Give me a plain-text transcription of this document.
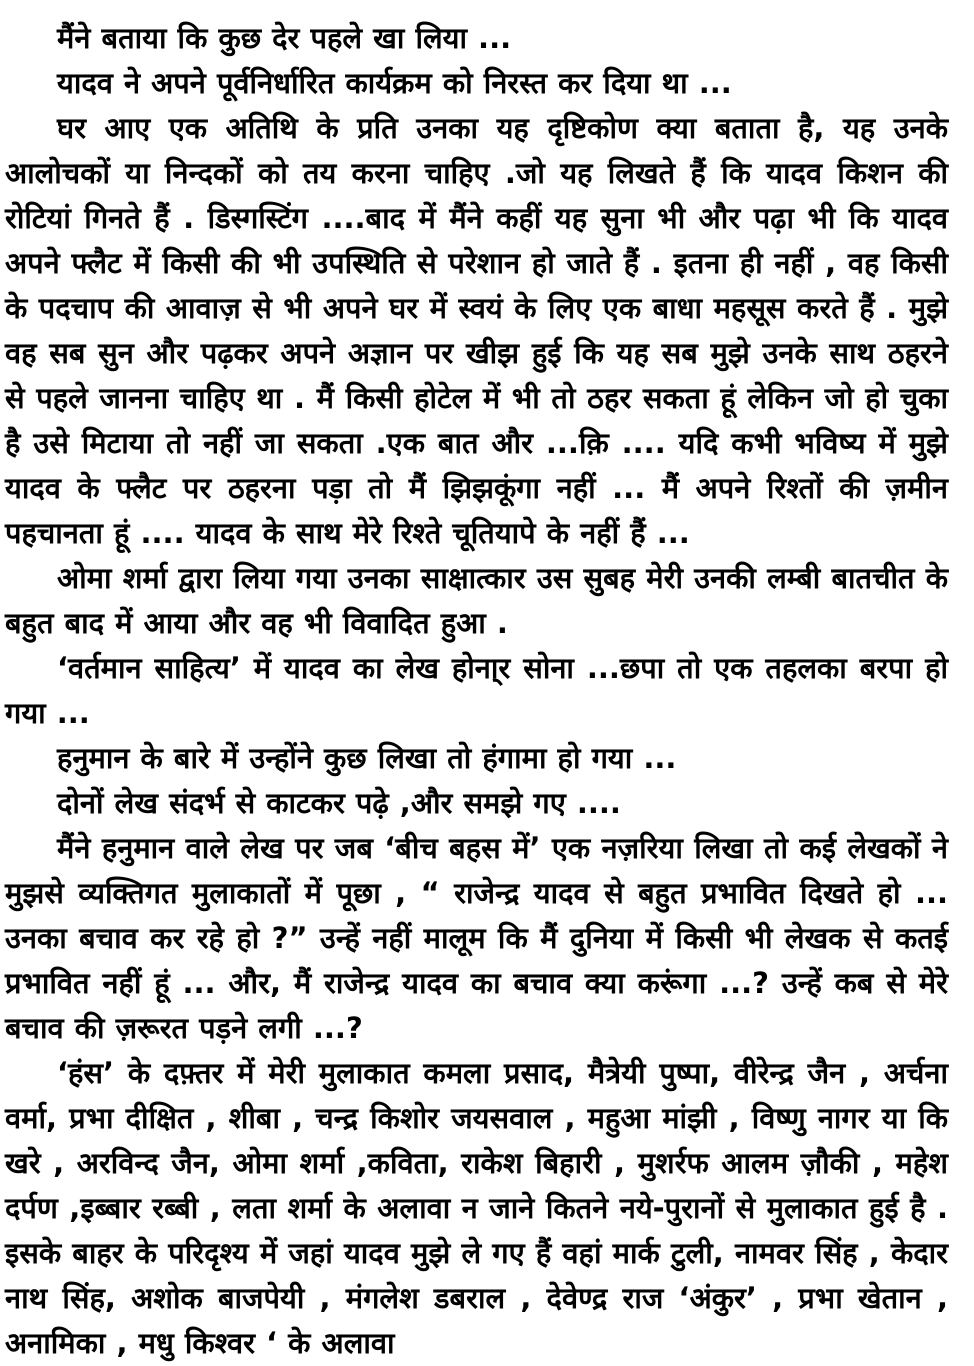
मैंने बताया कि कुछ देर पहले खा लिया ...

यादव ने अपने पूर्वनिर्धारित कार्यक्रम को निरस्त कर दिया था ...

घर आए एक अतिथि के प्रति उनका यह दृष्टिकोण क्या बताता है, यह उनके आलोचकों या निन्दकों को तय करना चाहिए .जो यह लिखते हैं कि यादव किशन की रोटियां गिनते हैं . डिस्गस्टिंग ....बाद में मैंने कहीं यह सुना भी और पढ़ा भी कि यादव अपने फ्लैट में किसी की भी उपस्थिति से परेशान हो जाते हैं . इतना ही नहीं , वह किसी के पदचाप की आवाज़ से भी अपने घर में स्वयं के लिए एक बाधा महसूस करते हैं . मुझे वह सब सुन और पढ़कर अपने अज्ञान पर खीझ हुई कि यह सब मुझे उनके साथ ठहरने से पहले जानना चाहिए था . मैं किसी होटेल में भी तो ठहर सकता हूं लेकिन जो हो चुका है उसे मिटाया तो नहीं जा सकता .एक बात और ...क़ि .... यदि कभी भविष्य में मुझे यादव के फ्लैट पर ठहरना पड़ा तो मैं झिझकूंगा नहीं ... मैं अपने रिश्तों की ज़मीन पहचानता हूं .... यादव के साथ मेरे रिश्ते चूतियापे के नहीं हैं ...

ओमा शर्मा द्वारा लिया गया उनका साक्षात्कार उस सुबह मेरी उनकी लम्बी बातचीत के बहुत बाद में आया और वह भी विवादित हुआ .

‘वर्तमान साहित्य’ में यादव का लेख होना्र सोना ...छपा तो एक तहलका बरपा हो गया ...

हनुमान के बारे में उन्होंने कुछ लिखा तो हंगामा हो गया ...

दोनों लेख संदर्भ से काटकर पढ़े ,और समझे गए ....

मैंने हनुमान वाले लेख पर जब ‘बीच बहस में’ एक नज़रिया लिखा तो कई लेखकों ने मुझसे व्यक्तिगत मुलाकातों में पूछा , “ राजेन्द्र यादव से बहुत प्रभावित दिखते हो ... उनका बचाव कर रहे हो ?” उन्हें नहीं मालूम कि मैं दुनिया में किसी भी लेखक से कतई प्रभावित नहीं हूं ... और, मैं राजेन्द्र यादव का बचाव क्या करूंगा ...? उन्हें कब से मेरे बचाव की ज़रूरत पड़ने लगी ...?

‘हंस’ के दफ़्तर में मेरी मुलाकात कमला प्रसाद, मैत्रेयी पुष्पा, वीरेन्द्र जैन , अर्चना वर्मा, प्रभा दीक्षित , शीबा , चन्द्र किशोर जयसवाल , महुआ मांझी , विष्णु नागर या कि खरे , अरविन्द जैन, ओमा शर्मा ,कविता, राकेश बिहारी , मुशर्रफ आलम ज़ौकी , महेश दर्पण ,इब्बार रब्बी , लता शर्मा के अलावा न जाने कितने नये-पुरानों से मुलाकात हुई है . इसके बाहर के परिदृश्य में जहां यादव मुझे ले गए हैं वहां मार्क टुली, नामवर सिंह , केदार नाथ सिंह, अशोक बाजपेयी , मंगलेश डबराल , देवेण्द्र राज ‘अंकुर’ , प्रभा खेतान , अनामिका , मधु किश्वर ‘ के अलावा
